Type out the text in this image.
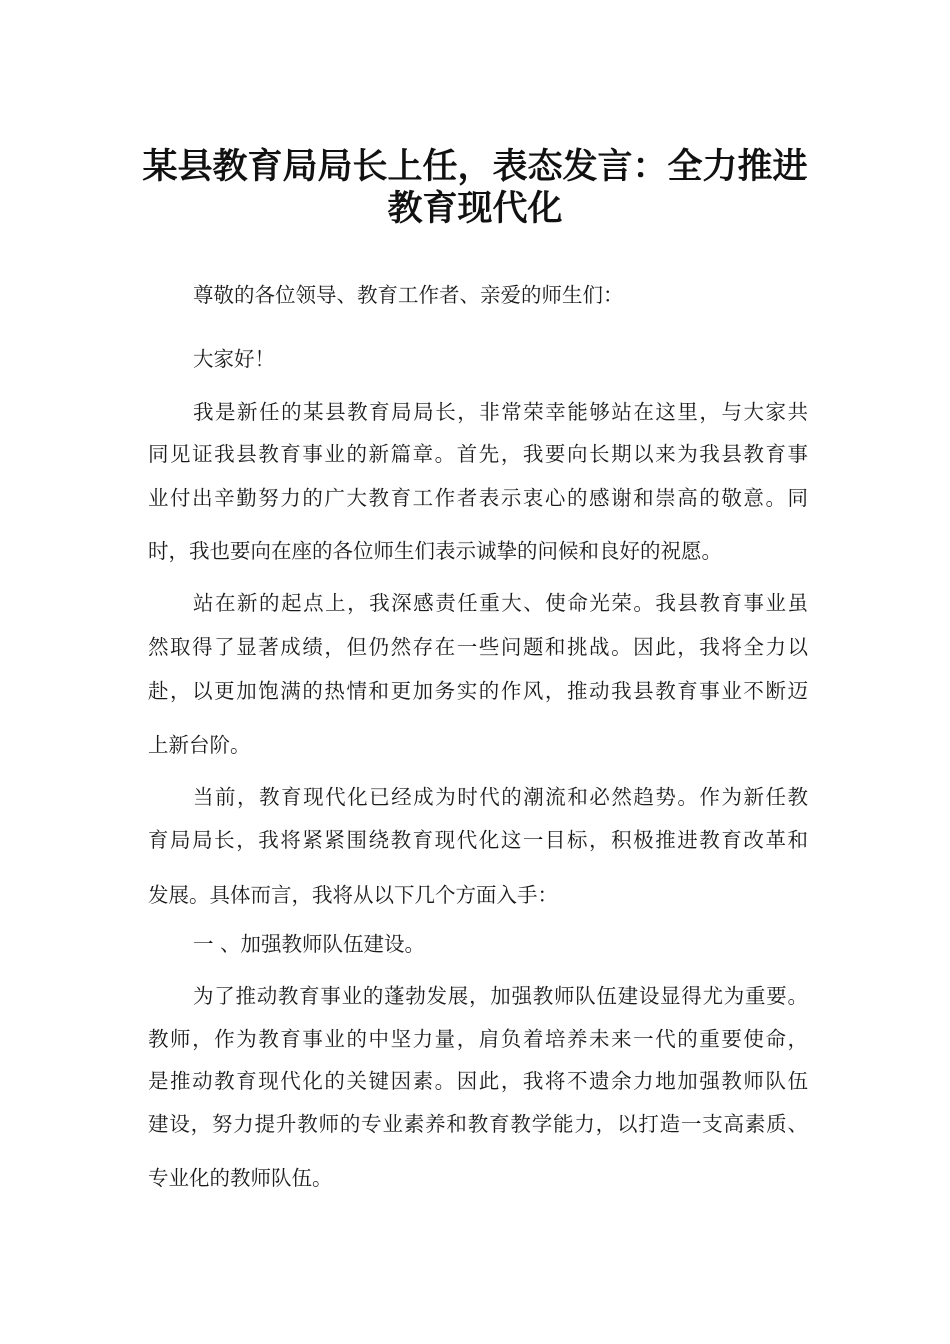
某县教育局局长上任，表态发言：全力推进
教育现代化
尊敬的各位领导、教育工作者、亲爱的师生们：
大家好！
我是新任的某县教育局局长，非常荣幸能够站在这里，与大家共
同见证我县教育事业的新篇章。首先，我要向长期以来为我县教育事
业付出辛勤努力的广大教育工作者表示衷心的感谢和崇高的敬意。同
时，我也要向在座的各位师生们表示诚挚的问候和良好的祝愿。
站在新的起点上，我深感责任重大、使命光荣。我县教育事业虽
然取得了显著成绩，但仍然存在一些问题和挑战。因此，我将全力以
赴，以更加饱满的热情和更加务实的作风，推动我县教育事业不断迈
上新台阶。
当前，教育现代化已经成为时代的潮流和必然趋势。作为新任教
育局局长，我将紧紧围绕教育现代化这一目标，积极推进教育改革和
发展。具体而言，我将从以下几个方面入手：
一 、加强教师队伍建设。
为了推动教育事业的蓬勃发展，加强教师队伍建设显得尤为重要。
教师，作为教育事业的中坚力量，肩负着培养未来一代的重要使命，
是推动教育现代化的关键因素。因此，我将不遗余力地加强教师队伍
建设，努力提升教师的专业素养和教育教学能力，以打造一支高素质、
专业化的教师队伍。
